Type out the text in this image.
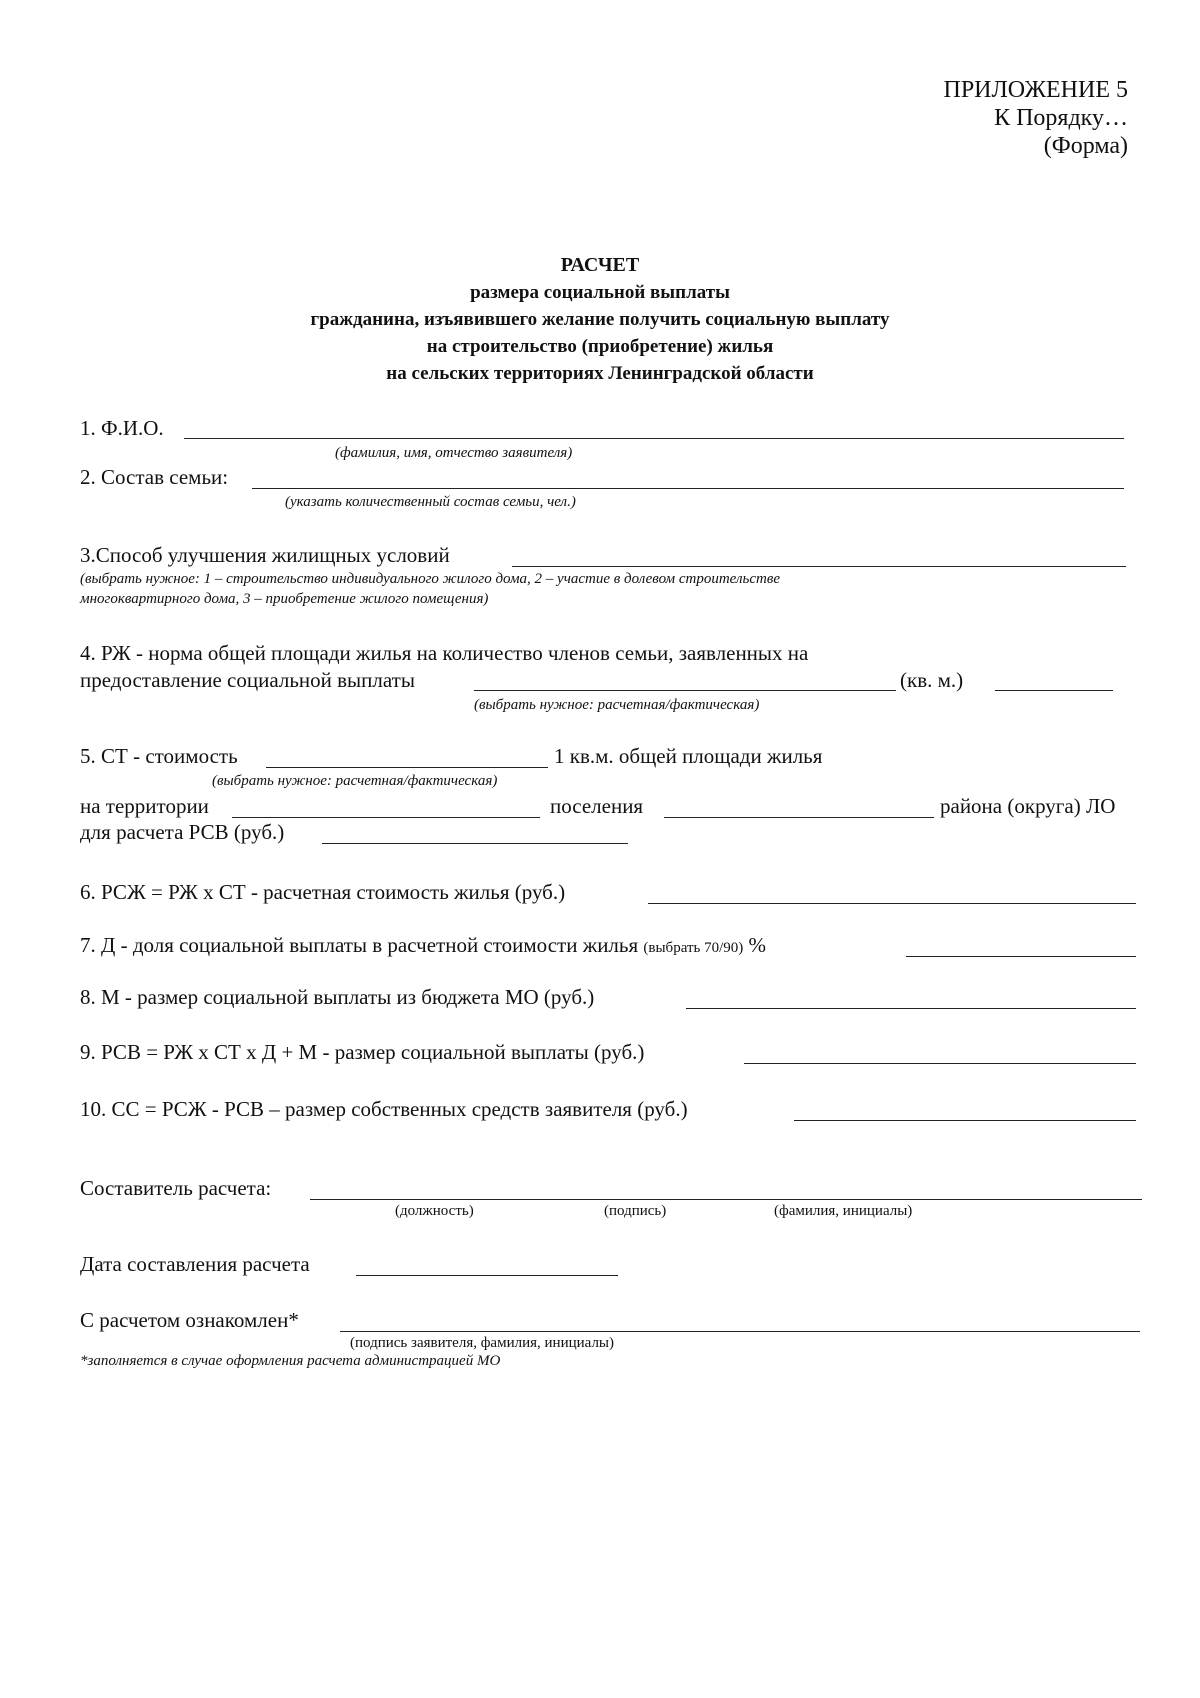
ПРИЛОЖЕНИЕ 5
К Порядку…
(Форма)
РАСЧЕТ
размера социальной выплаты
гражданина, изъявившего желание получить социальную выплату
на строительство (приобретение) жилья
на сельских территориях Ленинградской области
1. Ф.И.О.
(фамилия, имя, отчество заявителя)
2. Состав семьи:
(указать количественный состав семьи, чел.)
3.Способ улучшения жилищных условий
(выбрать нужное: 1 – строительство индивидуального жилого дома, 2 – участие в долевом строительстве
многоквартирного дома, 3 – приобретение жилого помещения)
4. РЖ - норма общей площади жилья на количество членов семьи, заявленных на
предоставление социальной выплаты	(кв. м.)
(выбрать нужное: расчетная/фактическая)
5. СТ - стоимость	1 кв.м. общей площади жилья
(выбрать нужное: расчетная/фактическая)
на территории	поселения	района (округа) ЛО
для расчета РСВ (руб.)
6. РСЖ = РЖ х СТ - расчетная стоимость жилья (руб.)
7. Д - доля социальной выплаты в расчетной стоимости жилья (выбрать 70/90) %
8. М - размер социальной выплаты из бюджета МО (руб.)
9. РСВ = РЖ х СТ х Д + М - размер социальной выплаты (руб.)
10. СС = РСЖ - РСВ – размер собственных средств заявителя (руб.)
Составитель расчета:
(должность)	(подпись)	(фамилия, инициалы)
Дата составления расчета
С расчетом ознакомлен*
(подпись заявителя, фамилия, инициалы)
*заполняется в случае оформления расчета администрацией МО
